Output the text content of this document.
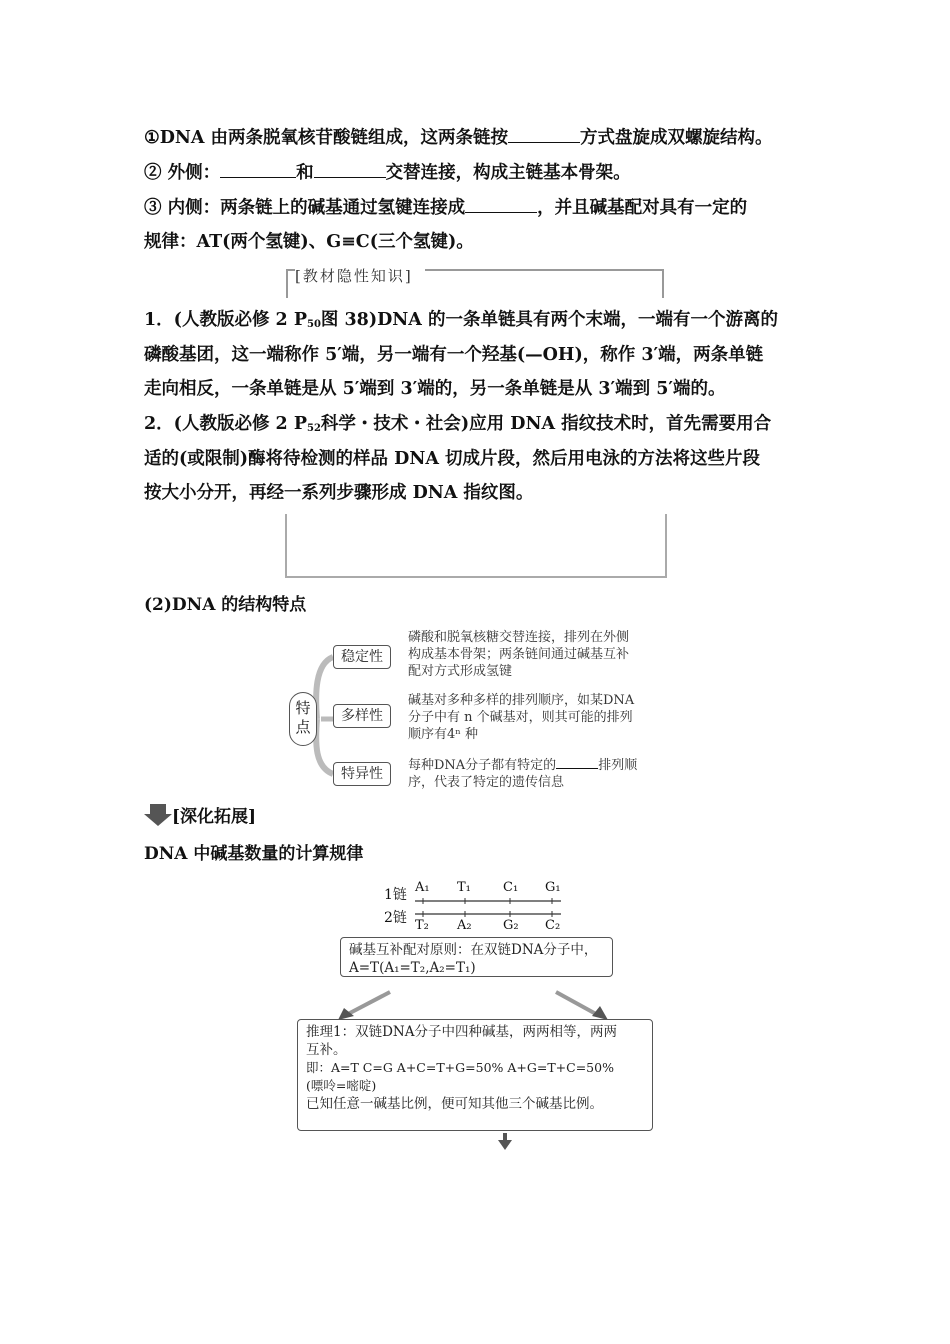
①DNA 由两条脱氧核苷酸链组成，这两条链按	方式盘旋成双螺旋结构。
② 外侧：	和	交替连接，构成主链基本骨架。
③ 内侧：两条链上的碱基通过氢键连接成	，并且碱基配对具有一定的
规律：AT(两个氢键)、G≡C(三个氢键)。
[教材隐性知识]
1．(人教版必修 2 $P_{50}$图 38)DNA 的一条单链具有两个末端，一端有一个游离的
磷酸基团，这一端称作 5′端，另一端有一个羟基(—OH)，称作 3′端，两条单链
走向相反，一条单链是从 5′端到 3′端的，另一条单链是从 3′端到 5′端的。
2．(人教版必修 2 $P_{52}$科学・技术・社会)应用 DNA 指纹技术时，首先需要用合
适的(或限制)酶将待检测的样品 DNA 切成片段，然后用电泳的方法将这些片段
按大小分开，再经一系列步骤形成 DNA 指纹图。
(2)DNA 的结构特点
特
点
稳定性
多样性
特异性
磷酸和脱氧核糖交替连接，排列在外侧
构成基本骨架；两条链间通过碱基互补
配对方式形成氢键
碱基对多种多样的排列顺序，如某DNA
分子中有 n 个碱基对，则其可能的排列
顺序有4ⁿ 种
每种DNA分子都有特定的	排列顺
序，代表了特定的遗传信息
[深化拓展]
DNA 中碱基数量的计算规律
1链
2链
A₁ T₁ C₁ G₁
T₂ A₂ G₂ C₂
碱基互补配对原则：在双链DNA分子中，
A=T(A₁=T₂,A₂=T₁)
推理1：双链DNA分子中四种碱基，两两相等，两两
互补。
即：A=T C=G A+C=T+G=50% A+G=T+C=50%
(嘌呤=嘧啶)
已知任意一碱基比例，便可知其他三个碱基比例。
